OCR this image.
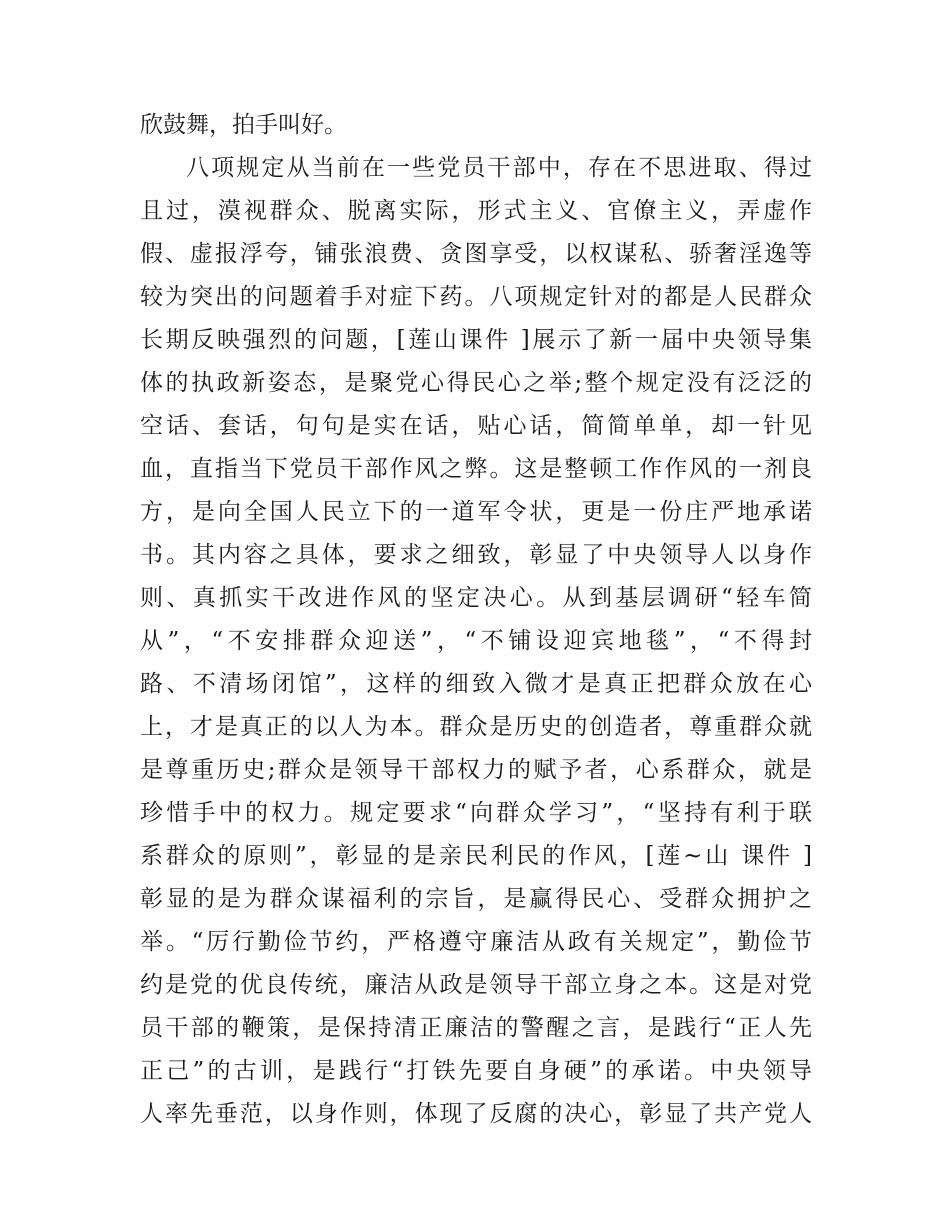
欣鼓舞，拍手叫好。
八项规定从当前在一些党员干部中，存在不思进取、得过
且过，漠视群众、脱离实际，形式主义、官僚主义，弄虚作
假、虚报浮夸，铺张浪费、贪图享受，以权谋私、骄奢淫逸等
较为突出的问题着手对症下药。八项规定针对的都是人民群众
长期反映强烈的问题，[莲山课件 ]展示了新一届中央领导集
体的执政新姿态，是聚党心得民心之举;整个规定没有泛泛的
空话、套话，句句是实在话，贴心话，简简单单，却一针见
血，直指当下党员干部作风之弊。这是整顿工作作风的一剂良
方，是向全国人民立下的一道军令状，更是一份庄严地承诺
书。其内容之具体，要求之细致，彰显了中央领导人以身作
则、真抓实干改进作风的坚定决心。从到基层调研“轻车简
从”，“不安排群众迎送”，“不铺设迎宾地毯”，“不得封
路、不清场闭馆”，这样的细致入微才是真正把群众放在心
上，才是真正的以人为本。群众是历史的创造者，尊重群众就
是尊重历史;群众是领导干部权力的赋予者，心系群众，就是
珍惜手中的权力。规定要求“向群众学习”，“坚持有利于联
系群众的原则”，彰显的是亲民利民的作风，[莲~山 课件 ]
彰显的是为群众谋福利的宗旨，是赢得民心、受群众拥护之
举。“厉行勤俭节约，严格遵守廉洁从政有关规定”，勤俭节
约是党的优良传统，廉洁从政是领导干部立身之本。这是对党
员干部的鞭策，是保持清正廉洁的警醒之言，是践行“正人先
正己”的古训，是践行“打铁先要自身硬”的承诺。中央领导
人率先垂范，以身作则，体现了反腐的决心，彰显了共产党人
